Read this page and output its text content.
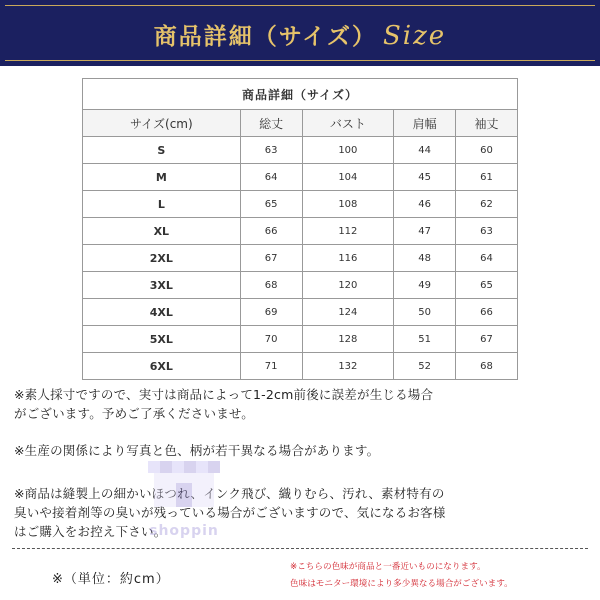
商品詳細（サイズ） Size
商品詳細（サイズ）				
サイズ(cm)	総丈	バスト	肩幅	袖丈
S	63	100	44	60
M	64	104	45	61
L	65	108	46	62
XL	66	112	47	63
2XL	67	116	48	64
3XL	68	120	49	65
4XL	69	124	50	66
5XL	70	128	51	67
6XL	71	132	52	68
※素人採寸ですので、実寸は商品によって1-2cm前後に誤差が生じる場合
がございます。予めご了承くださいませ。
※生産の関係により写真と色、柄が若干異なる場合があります。
※商品は縫製上の細かいほつれ、インク飛び、織りむら、汚れ、素材特有の
臭いや接着剤等の臭いが残っている場合がございますので、気になるお客様
はご購入をお控え下さい。
shoppin
※（単位：約cm）
※こちらの色味が商品と一番近いものになります。
色味はモニター環境により多少異なる場合がございます。
